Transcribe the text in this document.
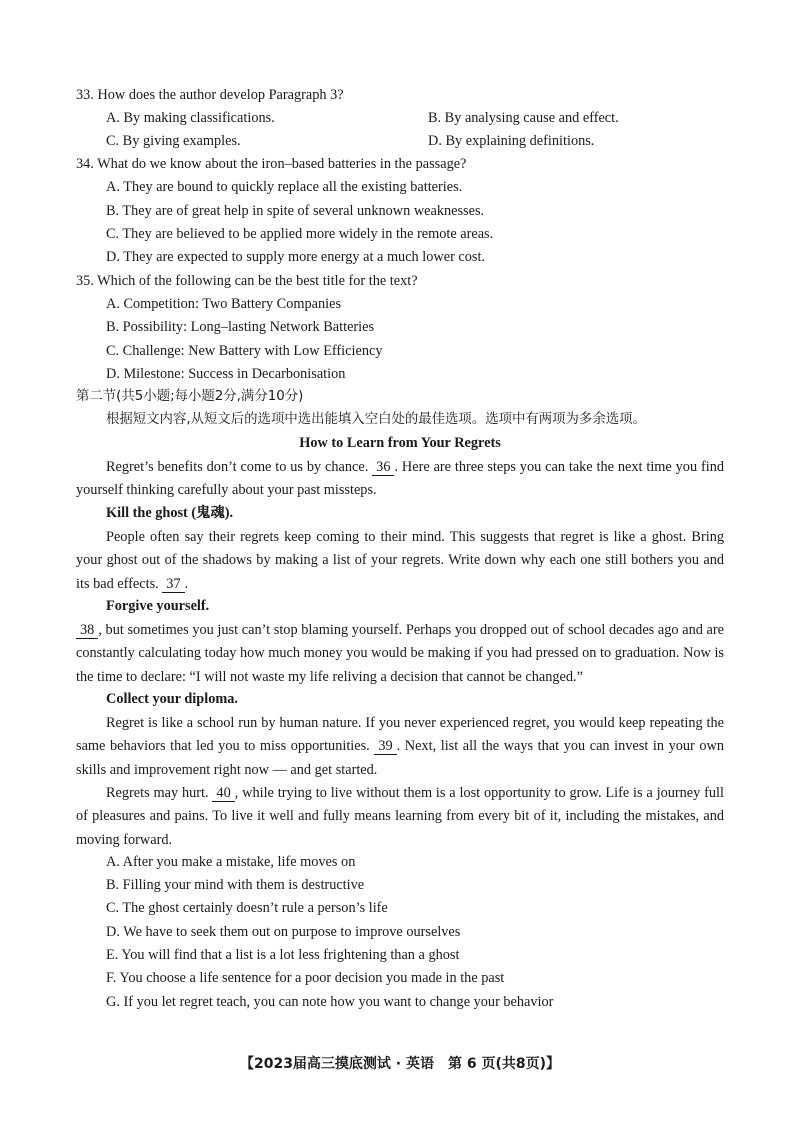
33. How does the author develop Paragraph 3?
A. By making classifications.	B. By analysing cause and effect.
C. By giving examples.	D. By explaining definitions.
34. What do we know about the iron–based batteries in the passage?
A. They are bound to quickly replace all the existing batteries.
B. They are of great help in spite of several unknown weaknesses.
C. They are believed to be applied more widely in the remote areas.
D. They are expected to supply more energy at a much lower cost.
35. Which of the following can be the best title for the text?
A. Competition: Two Battery Companies
B. Possibility: Long–lasting Network Batteries
C. Challenge: New Battery with Low Efficiency
D. Milestone: Success in Decarbonisation
第二节(共5小题;每小题2分,满分10分)
根据短文内容,从短文后的选项中选出能填入空白处的最佳选项。选项中有两项为多余选项。
How to Learn from Your Regrets
Regret’s benefits don’t come to us by chance. 36 . Here are three steps you can take the next time you find yourself thinking carefully about your past missteps.
Kill the ghost (鬼魂).
People often say their regrets keep coming to their mind. This suggests that regret is like a ghost. Bring your ghost out of the shadows by making a list of your regrets. Write down why each one still bothers you and its bad effects. 37 .
Forgive yourself.
38 , but sometimes you just can’t stop blaming yourself. Perhaps you dropped out of school decades ago and are constantly calculating today how much money you would be making if you had pressed on to graduation. Now is the time to declare: “I will not waste my life reliving a decision that cannot be changed.”
Collect your diploma.
Regret is like a school run by human nature. If you never experienced regret, you would keep repeating the same behaviors that led you to miss opportunities. 39 . Next, list all the ways that you can invest in your own skills and improvement right now — and get started.
Regrets may hurt. 40 , while trying to live without them is a lost opportunity to grow. Life is a journey full of pleasures and pains. To live it well and fully means learning from every bit of it, including the mistakes, and moving forward.
A. After you make a mistake, life moves on
B. Filling your mind with them is destructive
C. The ghost certainly doesn’t rule a person’s life
D. We have to seek them out on purpose to improve ourselves
E. You will find that a list is a lot less frightening than a ghost
F. You choose a life sentence for a poor decision you made in the past
G. If you let regret teach, you can note how you want to change your behavior
【2023届高三摸底测试 · 英语　第 6 页(共8页)】
